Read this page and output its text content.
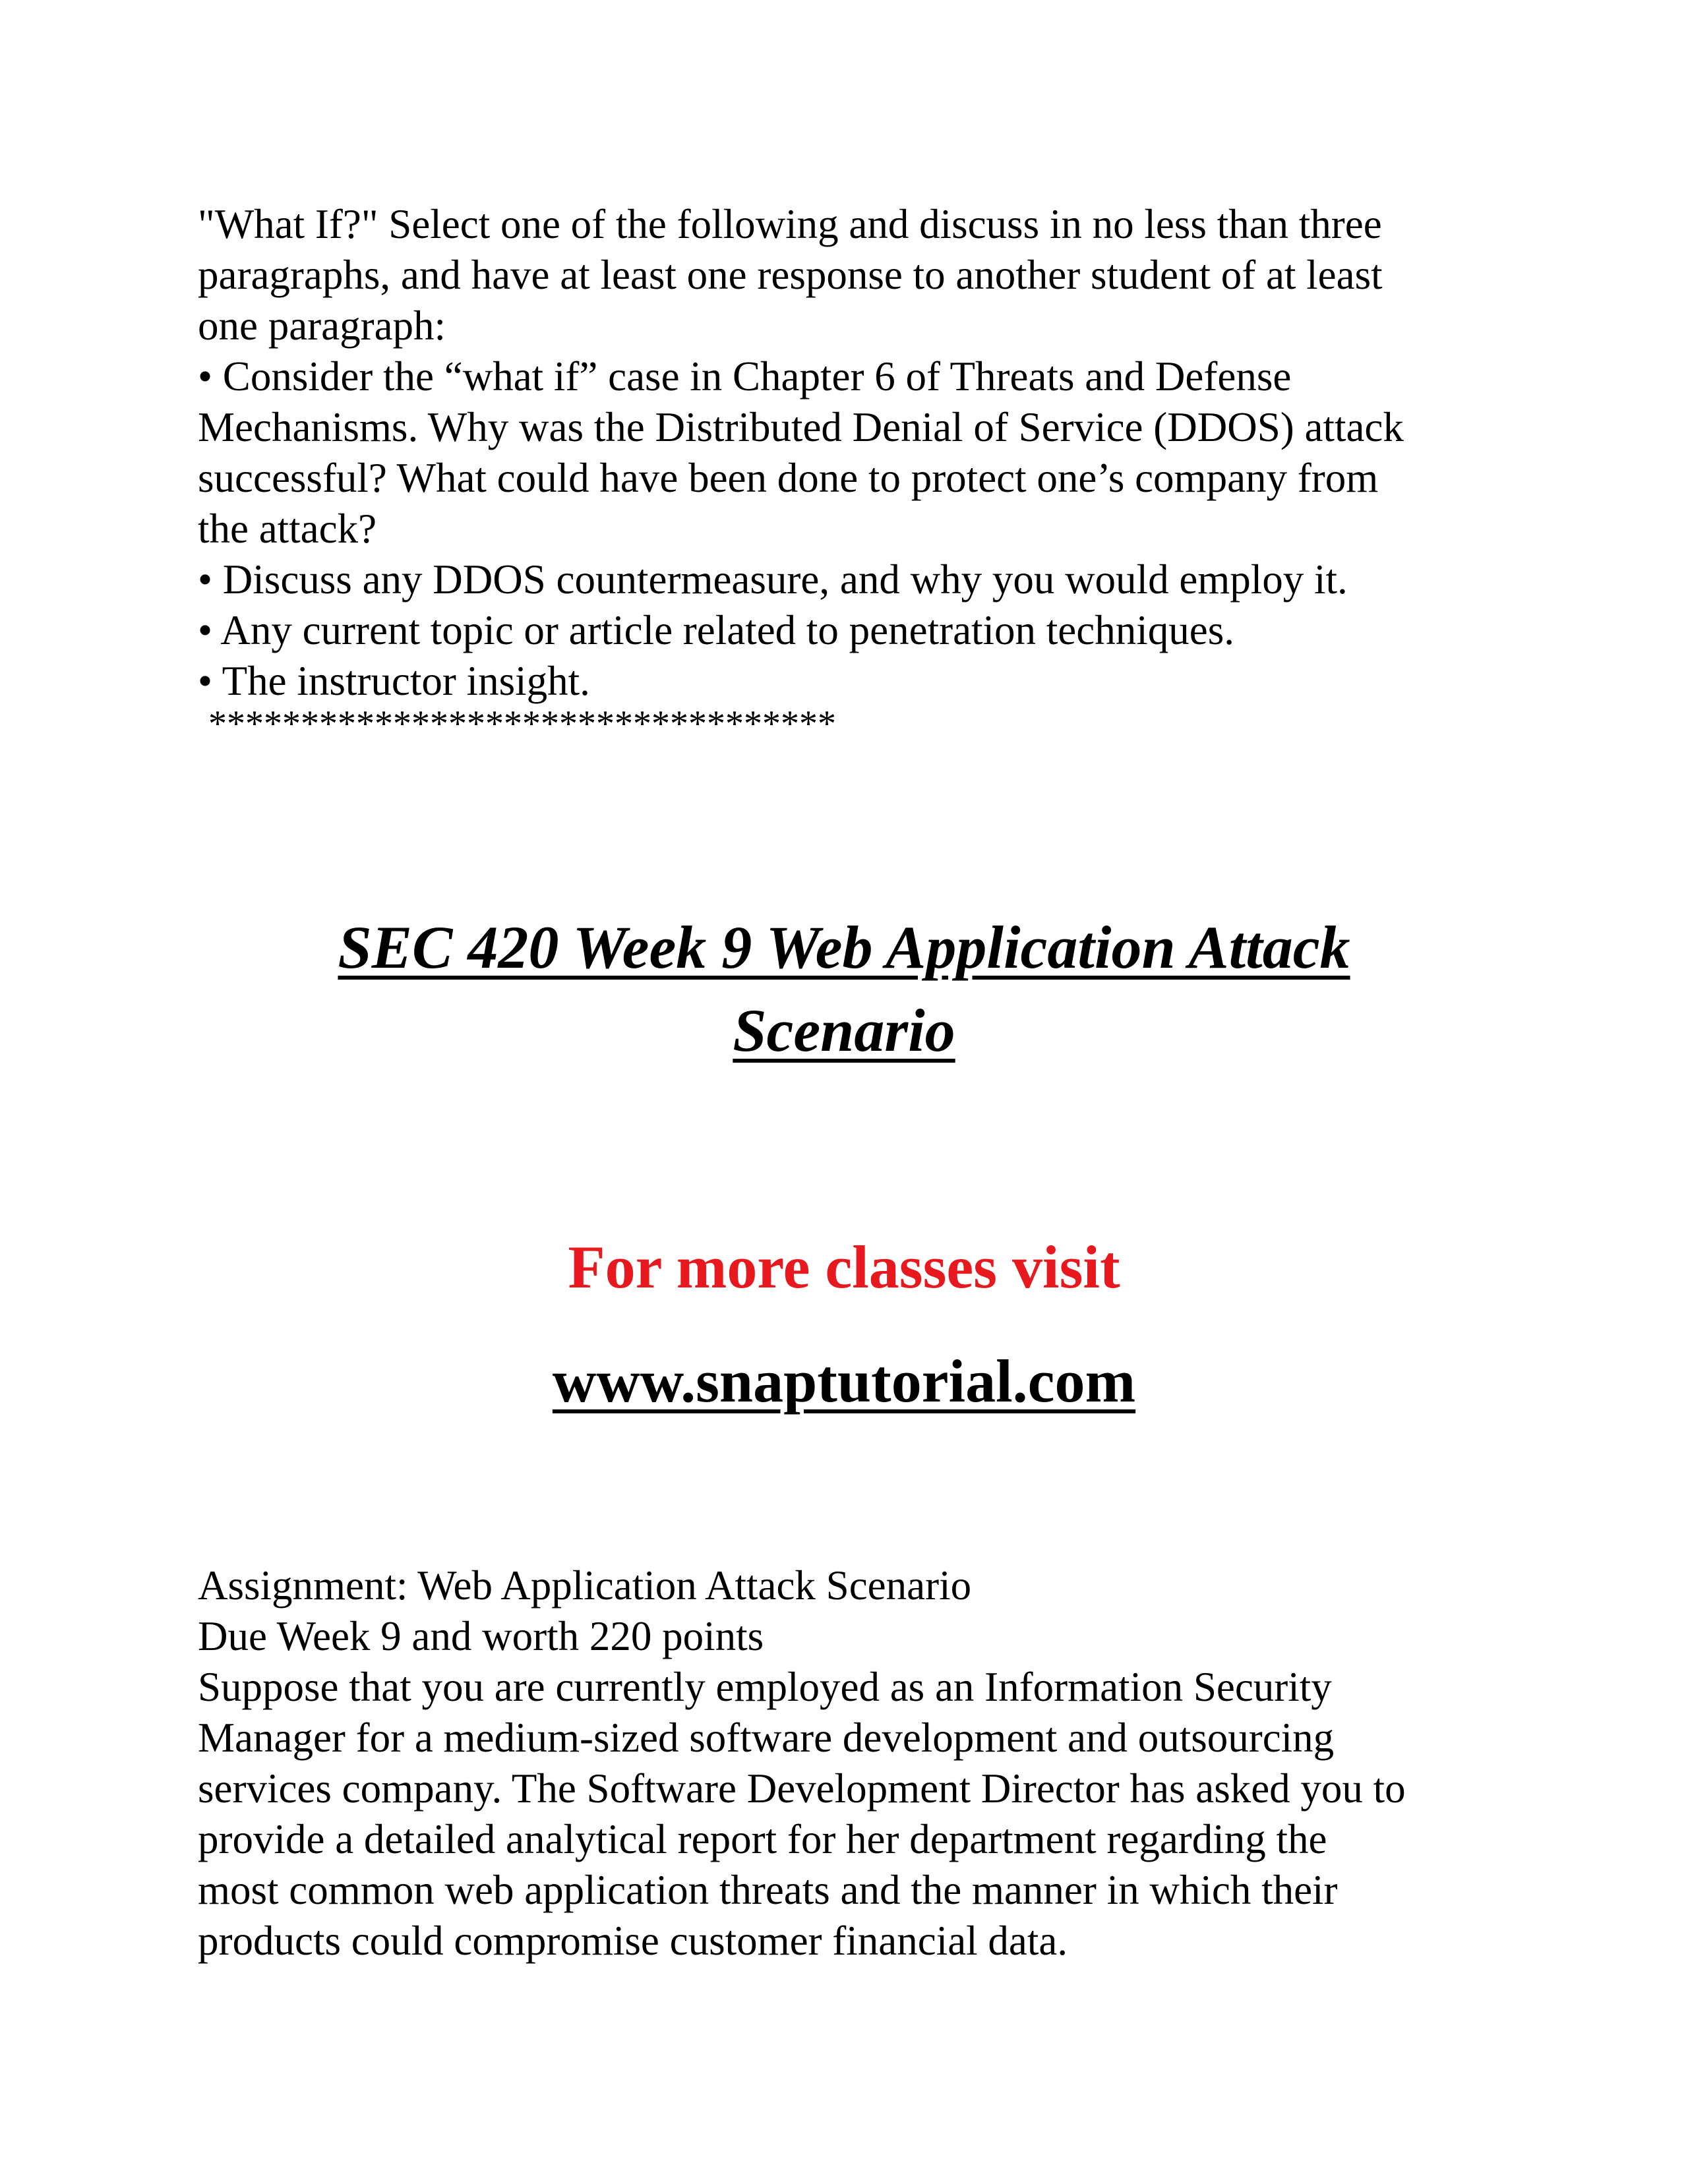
"What If?" Select one of the following and discuss in no less than three
paragraphs, and have at least one response to another student of at least
one paragraph:
• Consider the “what if” case in Chapter 6 of Threats and Defense
Mechanisms. Why was the Distributed Denial of Service (DDOS) attack
successful? What could have been done to protect one’s company from
the attack?
• Discuss any DDOS countermeasure, and why you would employ it.
• Any current topic or article related to penetration techniques.
• The instructor insight.
**********************************
SEC 420 Week 9 Web Application Attack
Scenario
For more classes visit
www.snaptutorial.com
Assignment: Web Application Attack Scenario
Due Week 9 and worth 220 points
Suppose that you are currently employed as an Information Security
Manager for a medium-sized software development and outsourcing
services company. The Software Development Director has asked you to
provide a detailed analytical report for her department regarding the
most common web application threats and the manner in which their
products could compromise customer financial data.
